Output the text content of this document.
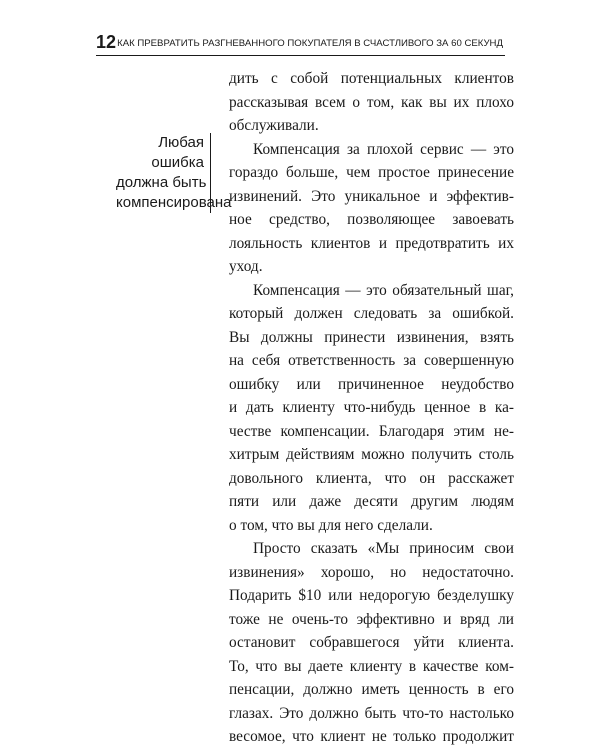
12 КАК ПРЕВРАТИТЬ РАЗГНЕВАННОГО ПОКУПАТЕЛЯ В СЧАСТЛИВОГО ЗА 60 СЕКУНД
Любая
ошибка
должна быть
компенсирована
дить с собой потенциальных клиентов
рассказывая всем о том, как вы их плохо
обслуживали.
Компенсация за плохой сервис — это
гораздо больше, чем простое принесение
извинений. Это уникальное и эффектив-
ное средство, позволяющее завоевать
лояльность клиентов и предотвратить их
уход.
Компенсация — это обязательный шаг,
который должен следовать за ошибкой.
Вы должны принести извинения, взять
на себя ответственность за совершенную
ошибку или причиненное неудобство
и дать клиенту что-нибудь ценное в ка-
честве компенсации. Благодаря этим не-
хитрым действиям можно получить столь
довольного клиента, что он расскажет
пяти или даже десяти другим людям
о том, что вы для него сделали.
Просто сказать «Мы приносим свои
извинения» хорошо, но недостаточно.
Подарить $10 или недорогую безделушку
тоже не очень-то эффективно и вряд ли
остановит собравшегося уйти клиента.
То, что вы даете клиенту в качестве ком-
пенсации, должно иметь ценность в его
глазах. Это должно быть что-то настолько
весомое, что клиент не только продолжит
